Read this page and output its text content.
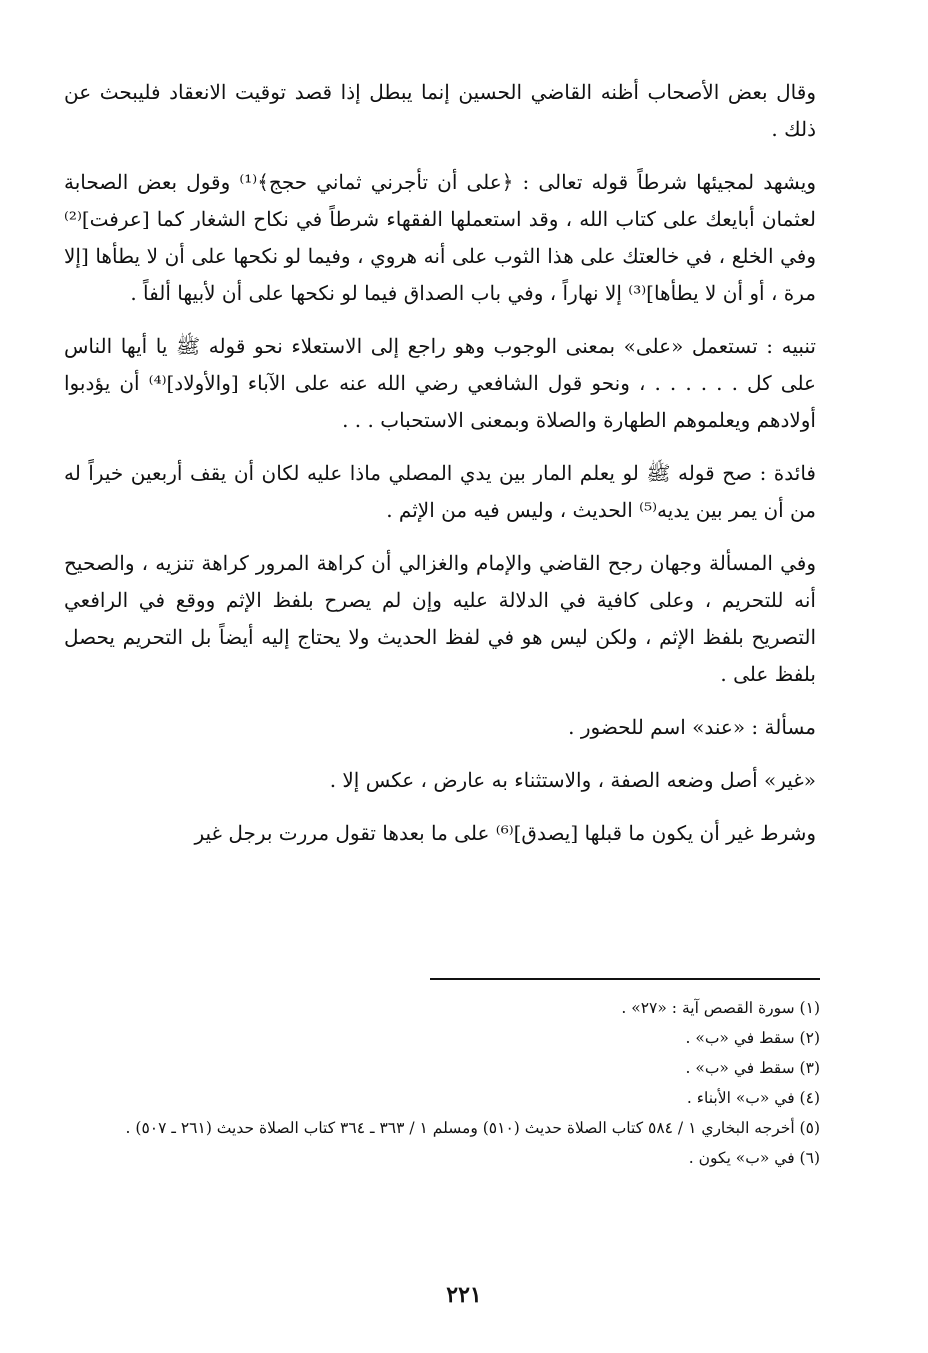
وقال بعض الأصحاب أظنه القاضي الحسين إنما يبطل إذا قصد توقيت الانعقاد فليبحث عن ذلك .

ويشهد لمجيئها شرطاً قوله تعالى : ﴿على أن تأجرني ثماني حجج﴾⁽¹⁾ وقول بعض الصحابة لعثمان أبايعك على كتاب الله ، وقد استعملها الفقهاء شرطاً في نكاح الشغار كما [عرفت]⁽²⁾ وفي الخلع ، في خالعتك على هذا الثوب على أنه هروي ، وفيما لو نكحها على أن لا يطأها [إلا مرة ، أو أن لا يطأها]⁽³⁾ إلا نهاراً ، وفي باب الصداق فيما لو نكحها على أن لأبيها ألفاً .

تنبيه : تستعمل «على» بمعنى الوجوب وهو راجع إلى الاستعلاء نحو قوله ﷺ يا أيها الناس على كل . . . . . . ، ونحو قول الشافعي رضي الله عنه على الآباء [والأولاد]⁽⁴⁾ أن يؤدبوا أولادهم ويعلموهم الطهارة والصلاة وبمعنى الاستحباب . . .

فائدة : صح قوله ﷺ لو يعلم المار بين يدي المصلي ماذا عليه لكان أن يقف أربعين خيراً له من أن يمر بين يديه⁽⁵⁾ الحديث ، وليس فيه من الإثم .

وفي المسألة وجهان رجح القاضي والإمام والغزالي أن كراهة المرور كراهة تنزيه ، والصحيح أنه للتحريم ، وعلى كافية في الدلالة عليه وإن لم يصرح بلفظ الإثم ووقع في الرافعي التصريح بلفظ الإثم ، ولكن ليس هو في لفظ الحديث ولا يحتاج إليه أيضاً بل التحريم يحصل بلفظ على .

مسألة : «عند» اسم للحضور .

«غير» أصل وضعه الصفة ، والاستثناء به عارض ، عكس إلا .

وشرط غير أن يكون ما قبلها [يصدق]⁽⁶⁾ على ما بعدها تقول مررت برجل غير

(١) سورة القصص آية : «٢٧» .

(٢) سقط في «ب» .

(٣) سقط في «ب» .

(٤) في «ب» الأبناء .

(٥) أخرجه البخاري ١ / ٥٨٤ كتاب الصلاة حديث (٥١٠) ومسلم ١ / ٣٦٣ ـ ٣٦٤ كتاب الصلاة حديث (٢٦١ ـ ٥٠٧) .

(٦) في «ب» يكون .

٢٢١
